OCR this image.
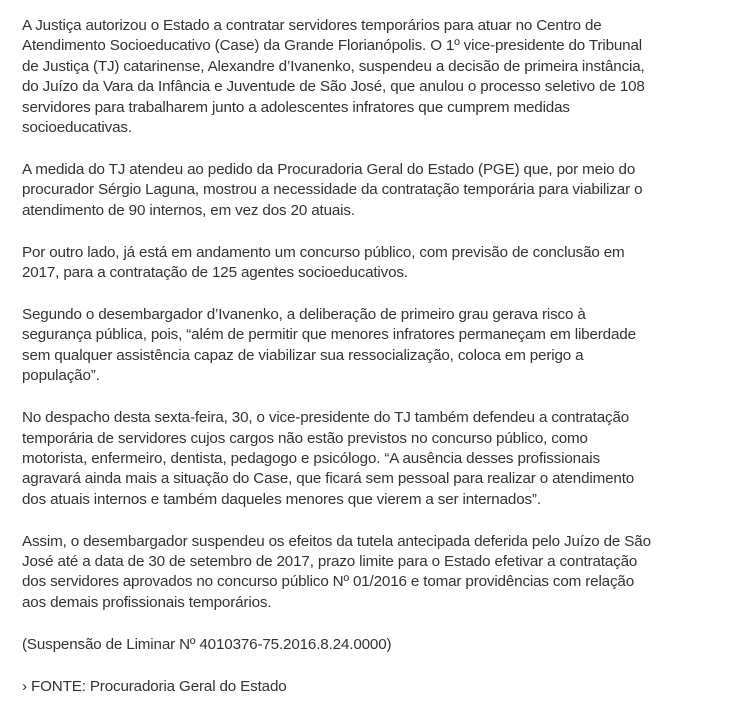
A Justiça autorizou o Estado a contratar servidores temporários para atuar no Centro de
Atendimento Socioeducativo (Case) da Grande Florianópolis. O 1º vice-presidente do Tribunal
de Justiça (TJ) catarinense, Alexandre d’Ivanenko, suspendeu a decisão de primeira instância,
do Juízo da Vara da Infância e Juventude de São José, que anulou o processo seletivo de 108
servidores para trabalharem junto a adolescentes infratores que cumprem medidas
socioeducativas.

A medida do TJ atendeu ao pedido da Procuradoria Geral do Estado (PGE) que, por meio do
procurador Sérgio Laguna, mostrou a necessidade da contratação temporária para viabilizar o
atendimento de 90 internos, em vez dos 20 atuais.

Por outro lado, já está em andamento um concurso público, com previsão de conclusão em
2017, para a contratação de 125 agentes socioeducativos.

Segundo o desembargador d’Ivanenko, a deliberação de primeiro grau gerava risco à
segurança pública, pois, “além de permitir que menores infratores permaneçam em liberdade
sem qualquer assistência capaz de viabilizar sua ressocialização, coloca em perigo a
população”.

No despacho desta sexta-feira, 30, o vice-presidente do TJ também defendeu a contratação
temporária de servidores cujos cargos não estão previstos no concurso público, como
motorista, enfermeiro, dentista, pedagogo e psicólogo. “A ausência desses profissionais
agravará ainda mais a situação do Case, que ficará sem pessoal para realizar o atendimento
dos atuais internos e também daqueles menores que vierem a ser internados”.

Assim, o desembargador suspendeu os efeitos da tutela antecipada deferida pelo Juízo de São
José até a data de 30 de setembro de 2017, prazo limite para o Estado efetivar a contratação
dos servidores aprovados no concurso público Nº 01/2016 e tomar providências com relação
aos demais profissionais temporários.

(Suspensão de Liminar Nº 4010376-75.2016.8.24.0000)

› FONTE: Procuradoria Geral do Estado
